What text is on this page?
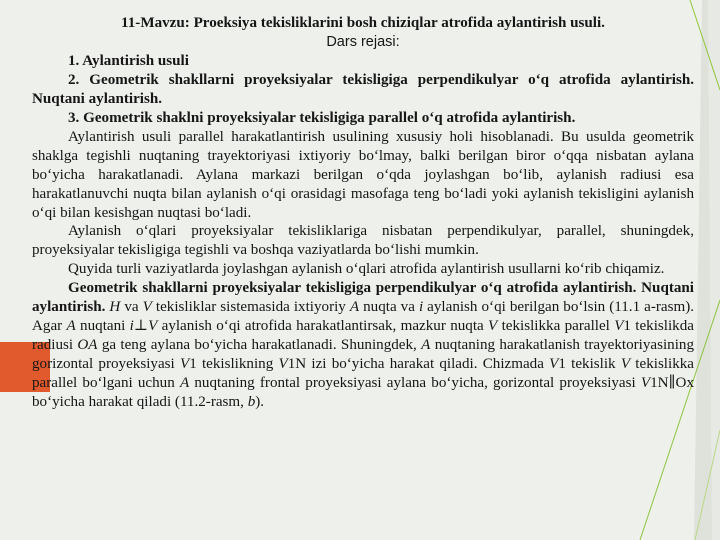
11-Mavzu: Proeksiya tekisliklarini bosh chiziqlar atrofida aylantirish usuli.

Dars rejasi:

1. Aylantirish usuli

2. Geometrik shakllarni proyeksiyalar tekisligiga perpendikulyar o‘q atrofida aylantirish. Nuqtani aylantirish.

3. Geometrik shaklni proyeksiyalar tekisligiga parallel o‘q atrofida aylantirish.

Aylantirish usuli parallel harakatlantirish usulining xususiy holi hisoblanadi. Bu usulda geometrik shaklga tegishli nuqtaning trayektoriyasi ixtiyoriy bo‘lmay, balki berilgan biror o‘qqa nisbatan aylana bo‘yicha harakatlanadi. Aylana markazi berilgan o‘qda joylashgan bo‘lib, aylanish radiusi esa harakatlanuvchi nuqta bilan aylanish o‘qi orasidagi masofaga teng bo‘ladi yoki aylanish tekisligini aylanish o‘qi bilan kesishgan nuqtasi bo‘ladi.

Aylanish o‘qlari proyeksiyalar tekisliklariga nisbatan perpendikulyar, parallel, shuningdek, proyeksiyalar tekisligiga tegishli va boshqa vaziyatlarda bo‘lishi mumkin.

Quyida turli vaziyatlarda joylashgan aylanish o‘qlari atrofida aylantirish usullarni ko‘rib chiqamiz.

Geometrik shakllarni proyeksiyalar tekisligiga perpendikulyar o‘q atrofida aylantirish. Nuqtani aylantirish. H va V tekisliklar sistemasida ixtiyoriy A nuqta va i aylanish o‘qi berilgan bo‘lsin (11.1 a-rasm). Agar A nuqtani i⊥V aylanish o‘qi atrofida harakatlantirsak, mazkur nuqta V tekislikka parallel V1 tekislikda radiusi OA ga teng aylana bo‘yicha harakatlanadi. Shuningdek, A nuqtaning harakatlanish trayektoriyasining gorizontal proyeksiyasi V1 tekislikning V1N izi bo‘yicha harakat qiladi. Chizmada V1 tekislik V tekislikka parallel bo‘lgani uchun A nuqtaning frontal proyeksiyasi aylana bo‘yicha, gorizontal proyeksiyasi V1N∥Ox bo‘yicha harakat qiladi (11.2-rasm, b).
